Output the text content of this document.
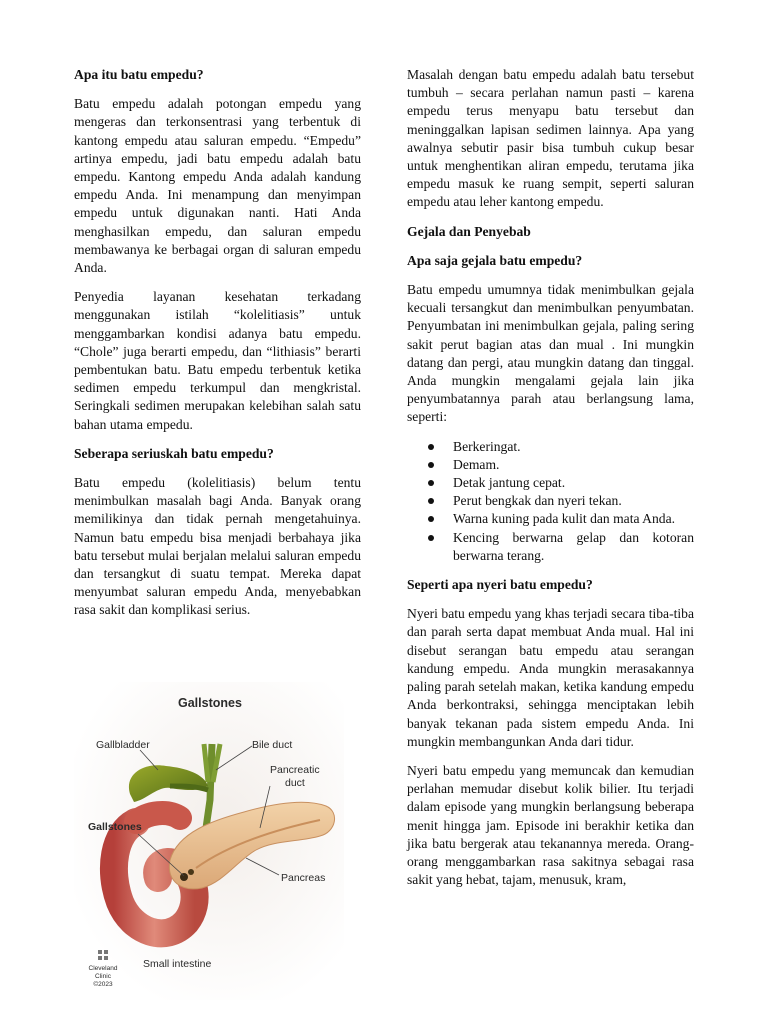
Apa itu batu empedu?

Batu empedu adalah potongan empedu yang mengeras dan terkonsentrasi yang terbentuk di kantong empedu atau saluran empedu. “Empedu” artinya empedu, jadi batu empedu adalah batu empedu. Kantong empedu Anda adalah kandung empedu Anda. Ini menampung dan menyimpan empedu untuk digunakan nanti. Hati Anda menghasilkan empedu, dan saluran empedu membawanya ke berbagai organ di saluran empedu Anda.

Penyedia layanan kesehatan terkadang menggunakan istilah “kolelitiasis” untuk menggambarkan kondisi adanya batu empedu. “Chole” juga berarti empedu, dan “lithiasis” berarti pembentukan batu. Batu empedu terbentuk ketika sedimen empedu terkumpul dan mengkristal. Seringkali sedimen merupakan kelebihan salah satu bahan utama empedu.

Seberapa seriuskah batu empedu?

Batu empedu (kolelitiasis) belum tentu menimbulkan masalah bagi Anda. Banyak orang memilikinya dan tidak pernah mengetahuinya. Namun batu empedu bisa menjadi berbahaya jika batu tersebut mulai berjalan melalui saluran empedu dan tersangkut di suatu tempat. Mereka dapat menyumbat saluran empedu Anda, menyebabkan rasa sakit dan komplikasi serius.

Gallstones
Gallbladder	Bile duct
Pancreatic
duct
Gallstones
Pancreas
Small intestine
Cleveland
Clinic
©2023

Masalah dengan batu empedu adalah batu tersebut tumbuh – secara perlahan namun pasti – karena empedu terus menyapu batu tersebut dan meninggalkan lapisan sedimen lainnya. Apa yang awalnya sebutir pasir bisa tumbuh cukup besar untuk menghentikan aliran empedu, terutama jika empedu masuk ke ruang sempit, seperti saluran empedu atau leher kantong empedu.

Gejala dan Penyebab
Apa saja gejala batu empedu?

Batu empedu umumnya tidak menimbulkan gejala kecuali tersangkut dan menimbulkan penyumbatan. Penyumbatan ini menimbulkan gejala, paling sering sakit perut bagian atas dan mual . Ini mungkin datang dan pergi, atau mungkin datang dan tinggal. Anda mungkin mengalami gejala lain jika penyumbatannya parah atau berlangsung lama, seperti:

Berkeringat.
Demam.
Detak jantung cepat.
Perut bengkak dan nyeri tekan.
Warna kuning pada kulit dan mata Anda.
Kencing berwarna gelap dan kotoran berwarna terang.
Seperti apa nyeri batu empedu?

Nyeri batu empedu yang khas terjadi secara tiba-tiba dan parah serta dapat membuat Anda mual. Hal ini disebut serangan batu empedu atau serangan kandung empedu. Anda mungkin merasakannya paling parah setelah makan, ketika kandung empedu Anda berkontraksi, sehingga menciptakan lebih banyak tekanan pada sistem empedu Anda. Ini mungkin membangunkan Anda dari tidur.

Nyeri batu empedu yang memuncak dan kemudian perlahan memudar disebut kolik bilier. Itu terjadi dalam episode yang mungkin berlangsung beberapa menit hingga jam. Episode ini berakhir ketika dan jika batu bergerak atau tekanannya mereda. Orang-orang menggambarkan rasa sakitnya sebagai rasa sakit yang hebat, tajam, menusuk, kram,
